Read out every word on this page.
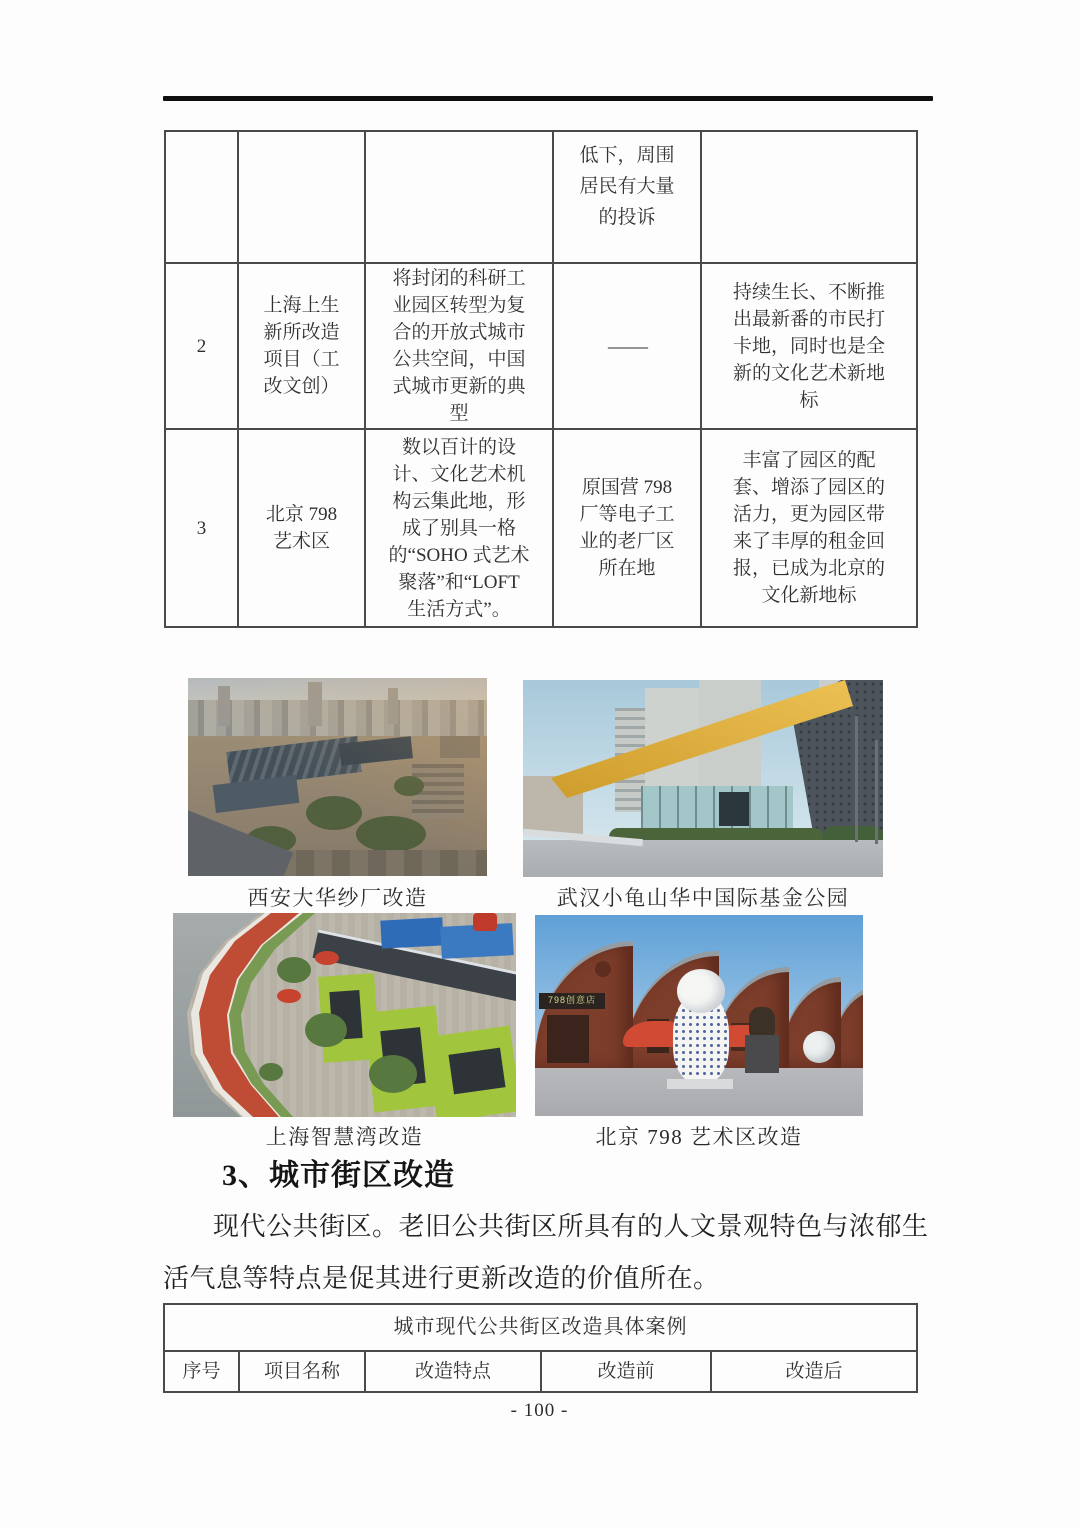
			低下，周围居民有大量的投诉	
2	上海上生新所改造项目（工改文创）	将封闭的科研工业园区转型为复合的开放式城市公共空间，中国式城市更新的典型	——	持续生长、不断推出最新番的市民打卡地，同时也是全新的文化艺术新地标
3	北京 798 艺术区	数以百计的设计、文化艺术机构云集此地，形成了别具一格的“SOHO 式艺术聚落”和“LOFT 生活方式”。	原国营 798 厂等电子工业的老厂区所在地	丰富了园区的配套、增添了园区的活力，更为园区带来了丰厚的租金回报，已成为北京的文化新地标
西安大华纱厂改造	武汉小龟山华中国际基金公园
798创意店
上海智慧湾改造	北京 798 艺术区改造
3、城市街区改造
现代公共街区。老旧公共街区所具有的人文景观特色与浓郁生
活气息等特点是促其进行更新改造的价值所在。
城市现代公共街区改造具体案例
序号	项目名称	改造特点	改造前	改造后
- 100 -
